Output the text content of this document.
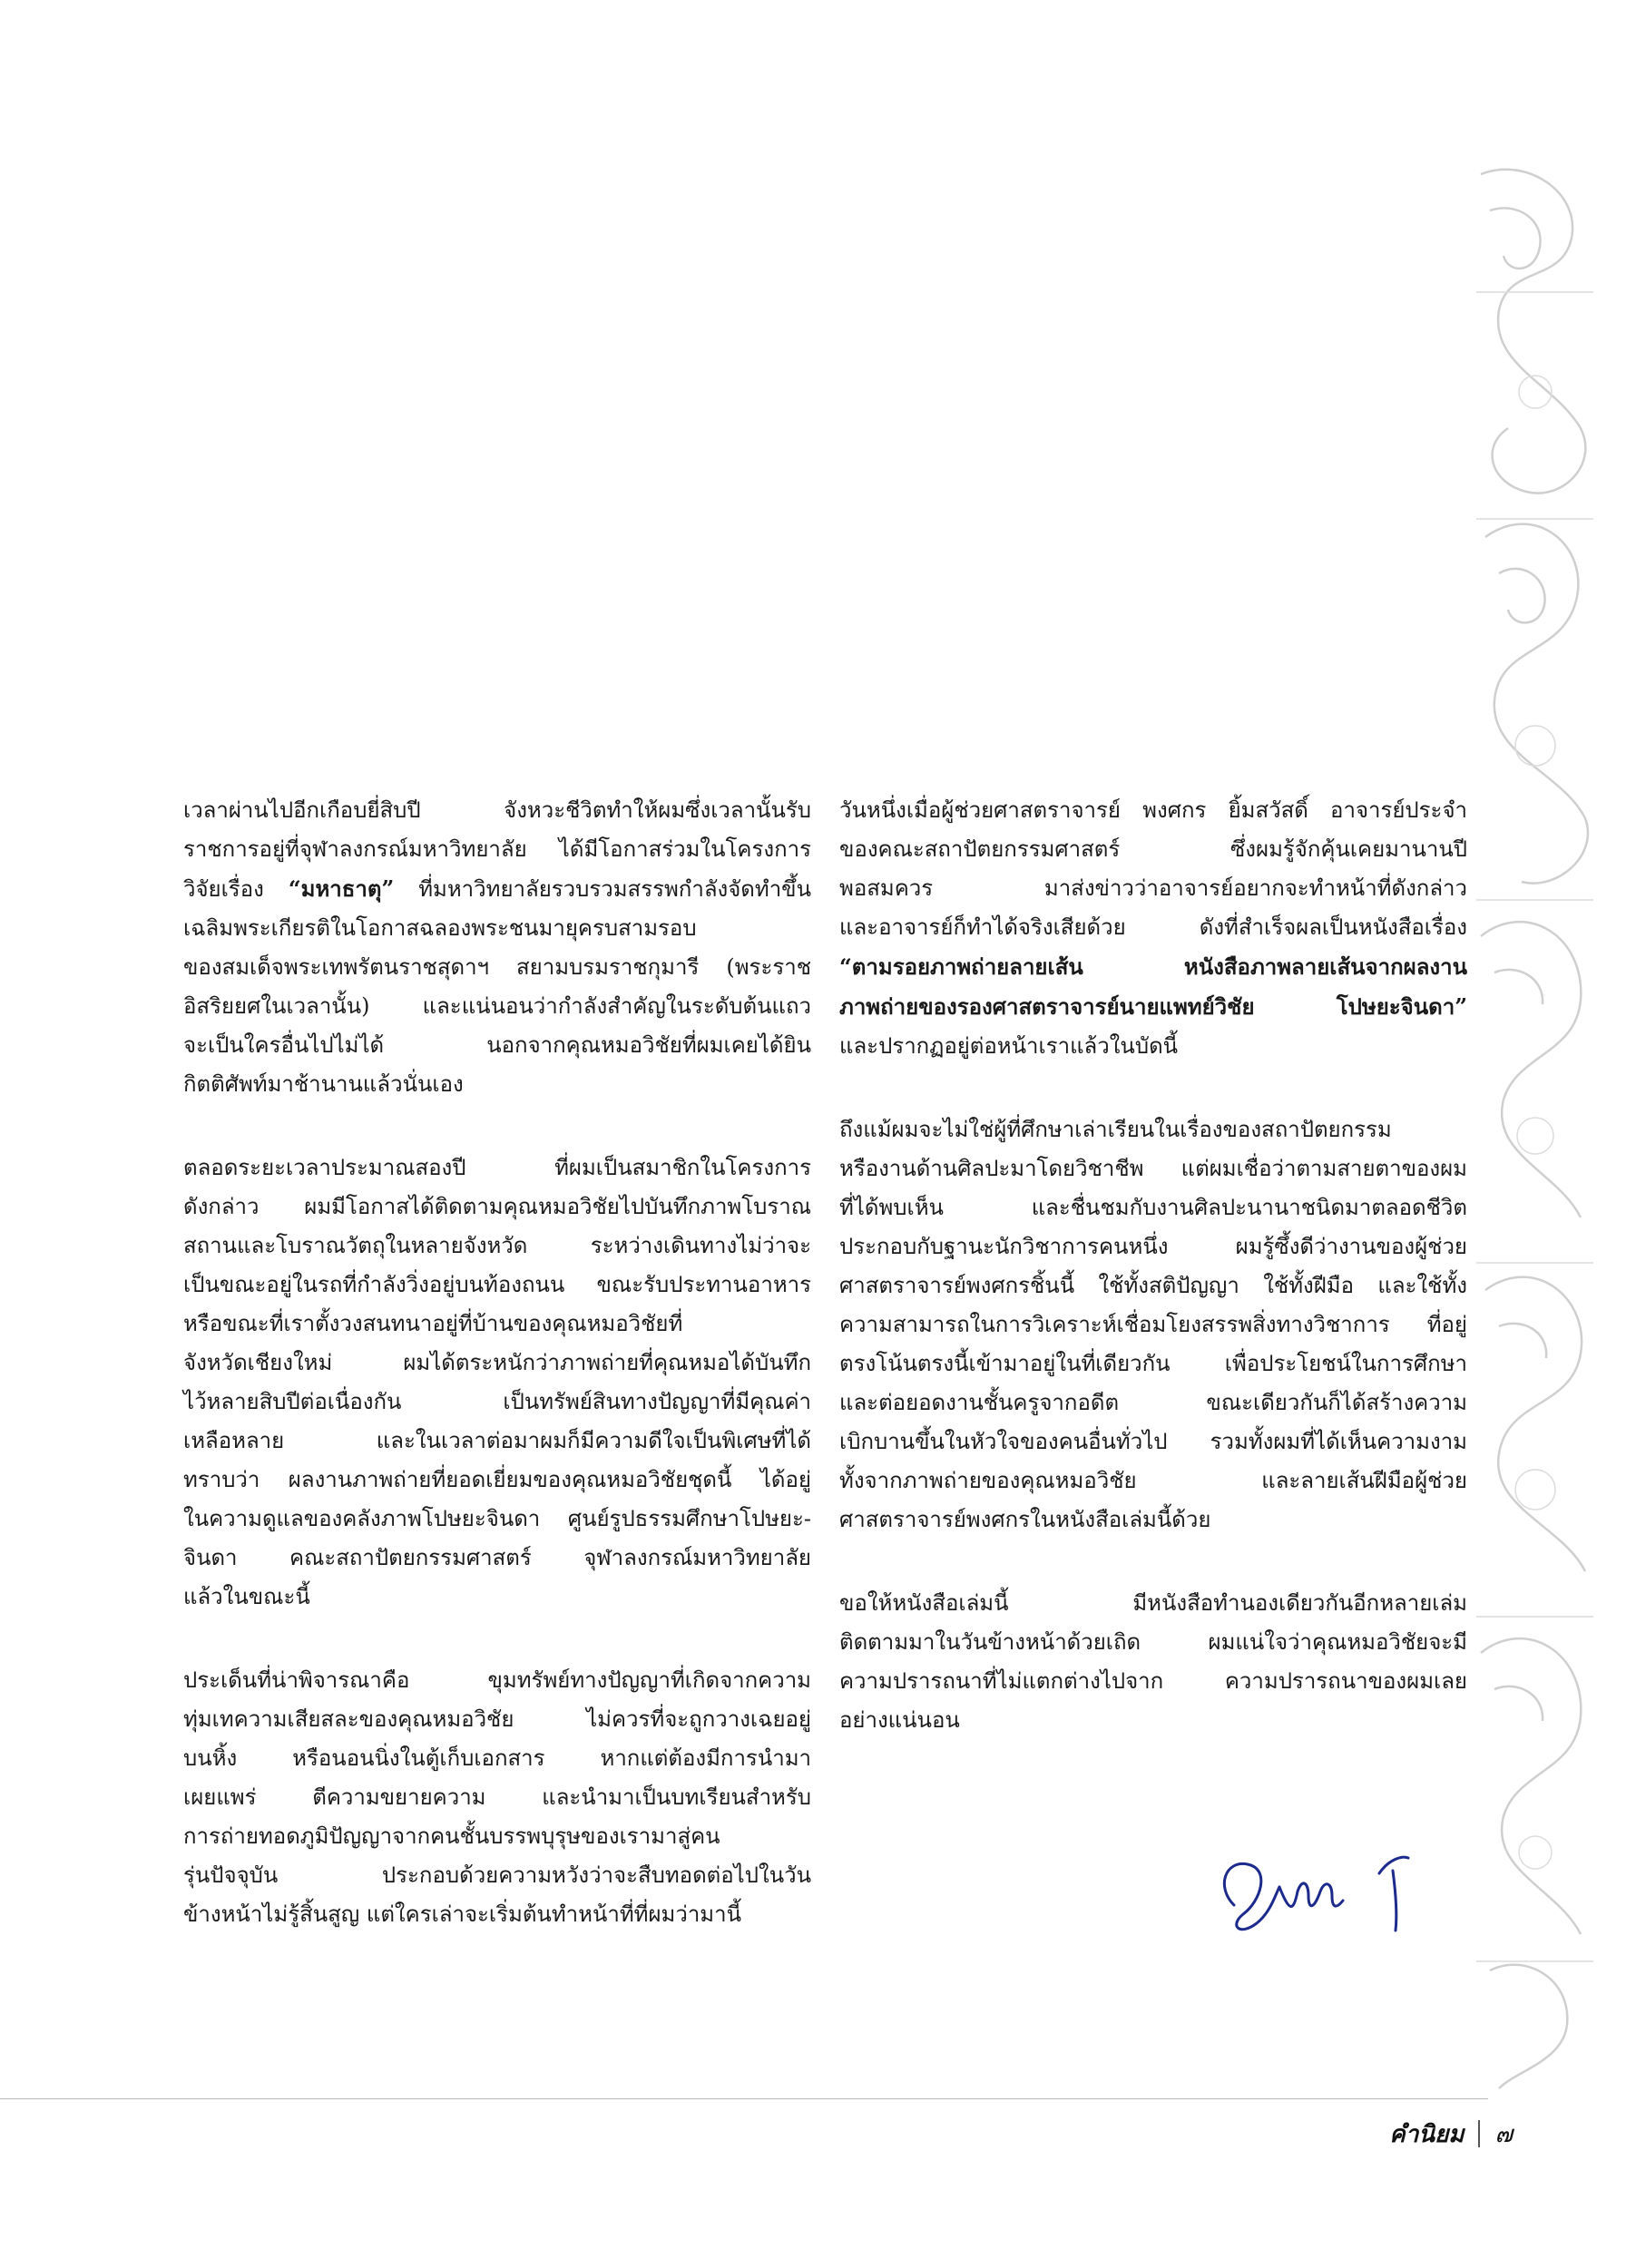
เวลาผ่านไปอีกเกือบยี่สิบปี จังหวะชีวิตทำให้ผมซึ่งเวลานั้นรับ
ราชการอยู่ที่จุฬาลงกรณ์มหาวิทยาลัย ได้มีโอกาสร่วมในโครงการ
วิจัยเรื่อง “มหาธาตุ” ที่มหาวิทยาลัยรวบรวมสรรพกำลังจัดทำขึ้น
เฉลิมพระเกียรติในโอกาสฉลองพระชนมายุครบสามรอบ
ของสมเด็จพระเทพรัตนราชสุดาฯ สยามบรมราชกุมารี (พระราช
อิสริยยศในเวลานั้น) และแน่นอนว่ากำลังสำคัญในระดับต้นแถว
จะเป็นใครอื่นไปไม่ได้ นอกจากคุณหมอวิชัยที่ผมเคยได้ยิน
กิตติศัพท์มาช้านานแล้วนั่นเอง
ตลอดระยะเวลาประมาณสองปี ที่ผมเป็นสมาชิกในโครงการ
ดังกล่าว ผมมีโอกาสได้ติดตามคุณหมอวิชัยไปบันทึกภาพโบราณ
สถานและโบราณวัตถุในหลายจังหวัด ระหว่างเดินทางไม่ว่าจะ
เป็นขณะอยู่ในรถที่กำลังวิ่งอยู่บนท้องถนน ขณะรับประทานอาหาร
หรือขณะที่เราตั้งวงสนทนาอยู่ที่บ้านของคุณหมอวิชัยที่
จังหวัดเชียงใหม่ ผมได้ตระหนักว่าภาพถ่ายที่คุณหมอได้บันทึก
ไว้หลายสิบปีต่อเนื่องกัน เป็นทรัพย์สินทางปัญญาที่มีคุณค่า
เหลือหลาย และในเวลาต่อมาผมก็มีความดีใจเป็นพิเศษที่ได้
ทราบว่า ผลงานภาพถ่ายที่ยอดเยี่ยมของคุณหมอวิชัยชุดนี้ ได้อยู่
ในความดูแลของคลังภาพโปษยะจินดา ศูนย์รูปธรรมศึกษาโปษยะ-
จินดา คณะสถาปัตยกรรมศาสตร์ จุฬาลงกรณ์มหาวิทยาลัย
แล้วในขณะนี้
ประเด็นที่น่าพิจารณาคือ ขุมทรัพย์ทางปัญญาที่เกิดจากความ
ทุ่มเทความเสียสละของคุณหมอวิชัย ไม่ควรที่จะถูกวางเฉยอยู่
บนหิ้ง หรือนอนนิ่งในตู้เก็บเอกสาร หากแต่ต้องมีการนำมา
เผยแพร่ ตีความขยายความ และนำมาเป็นบทเรียนสำหรับ
การถ่ายทอดภูมิปัญญาจากคนชั้นบรรพบุรุษของเรามาสู่คน
รุ่นปัจจุบัน ประกอบด้วยความหวังว่าจะสืบทอดต่อไปในวัน
ข้างหน้าไม่รู้สิ้นสูญ แต่ใครเล่าจะเริ่มต้นทำหน้าที่ที่ผมว่ามานี้
วันหนึ่งเมื่อผู้ช่วยศาสตราจารย์ พงศกร ยิ้มสวัสดิ์ อาจารย์ประจำ
ของคณะสถาปัตยกรรมศาสตร์ ซึ่งผมรู้จักคุ้นเคยมานานปี
พอสมควร มาส่งข่าวว่าอาจารย์อยากจะทำหน้าที่ดังกล่าว
และอาจารย์ก็ทำได้จริงเสียด้วย ดังที่สำเร็จผลเป็นหนังสือเรื่อง
“ตามรอยภาพถ่ายลายเส้น หนังสือภาพลายเส้นจากผลงาน
ภาพถ่ายของรองศาสตราจารย์นายแพทย์วิชัย โปษยะจินดา”
และปรากฏอยู่ต่อหน้าเราแล้วในบัดนี้
ถึงแม้ผมจะไม่ใช่ผู้ที่ศึกษาเล่าเรียนในเรื่องของสถาปัตยกรรม
หรืองานด้านศิลปะมาโดยวิชาชีพ แต่ผมเชื่อว่าตามสายตาของผม
ที่ได้พบเห็น และชื่นชมกับงานศิลปะนานาชนิดมาตลอดชีวิต
ประกอบกับฐานะนักวิชาการคนหนึ่ง ผมรู้ซึ้งดีว่างานของผู้ช่วย
ศาสตราจารย์พงศกรชิ้นนี้ ใช้ทั้งสติปัญญา ใช้ทั้งฝีมือ และใช้ทั้ง
ความสามารถในการวิเคราะห์เชื่อมโยงสรรพสิ่งทางวิชาการ ที่อยู่
ตรงโน้นตรงนี้เข้ามาอยู่ในที่เดียวกัน เพื่อประโยชน์ในการศึกษา
และต่อยอดงานชั้นครูจากอดีต ขณะเดียวกันก็ได้สร้างความ
เบิกบานขึ้นในหัวใจของคนอื่นทั่วไป รวมทั้งผมที่ได้เห็นความงาม
ทั้งจากภาพถ่ายของคุณหมอวิชัย และลายเส้นฝีมือผู้ช่วย
ศาสตราจารย์พงศกรในหนังสือเล่มนี้ด้วย
ขอให้หนังสือเล่มนี้ มีหนังสือทำนองเดียวกันอีกหลายเล่ม
ติดตามมาในวันข้างหน้าด้วยเถิด ผมแน่ใจว่าคุณหมอวิชัยจะมี
ความปรารถนาที่ไม่แตกต่างไปจาก ความปรารถนาของผมเลย
อย่างแน่นอน
คำนิยม ๗
